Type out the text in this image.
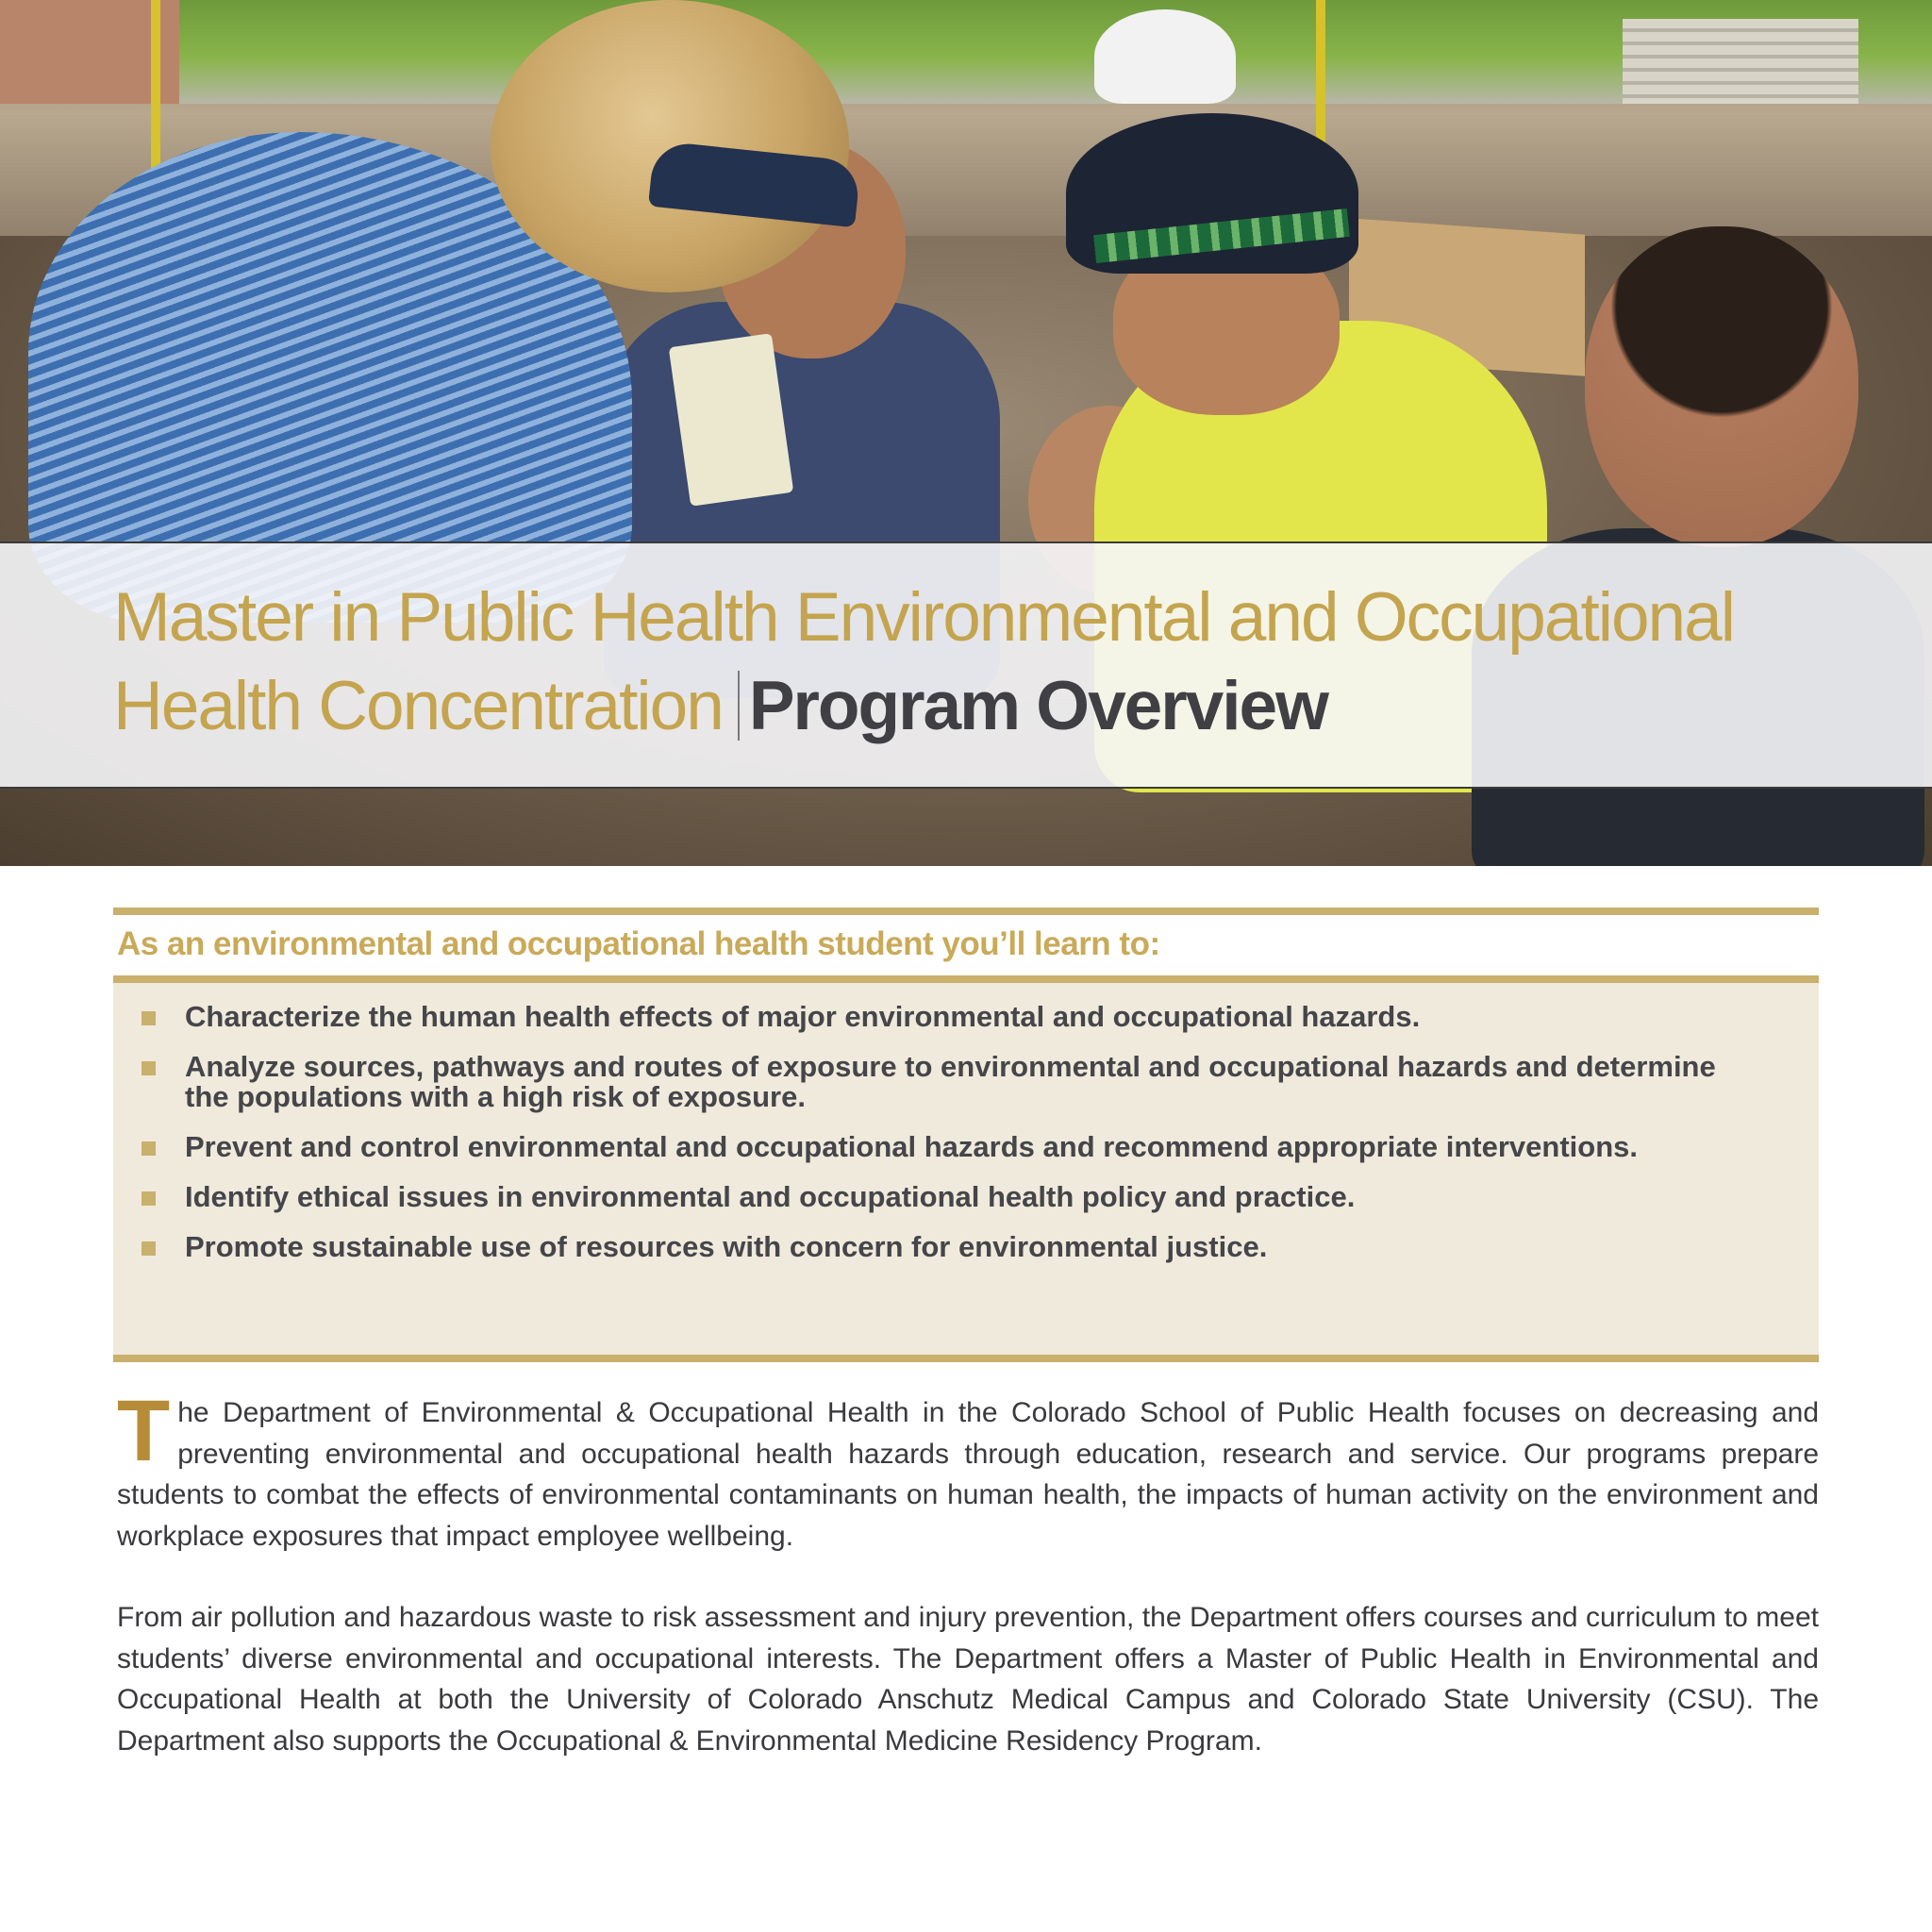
Master in Public Health Environmental and Occupational
Health Concentration Program Overview
As an environmental and occupational health student you’ll learn to:
Characterize the human health effects of major environmental and occupational hazards.
Analyze sources, pathways and routes of exposure to environmental and occupational hazards and determine the populations with a high risk of exposure.
Prevent and control environmental and occupational hazards and recommend appropriate interventions.
Identify ethical issues in environmental and occupational health policy and practice.
Promote sustainable use of resources with concern for environmental justice.

The Department of Environmental & Occupational Health in the Colorado School of Public Health focuses on decreasing and preventing environmental and occupational health hazards through education, research and service. Our programs prepare students to combat the effects of environmental contaminants on human health, the impacts of human activity on the environment and workplace exposures that impact employee wellbeing.

From air pollution and hazardous waste to risk assessment and injury prevention, the Department offers courses and curriculum to meet students’ diverse environmental and occupational interests. The Department offers a Master of Public Health in Environmental and Occupational Health at both the University of Colorado Anschutz Medical Campus and Colorado State University (CSU). The Department also supports the Occupational & Environmental Medicine Residency Program.
